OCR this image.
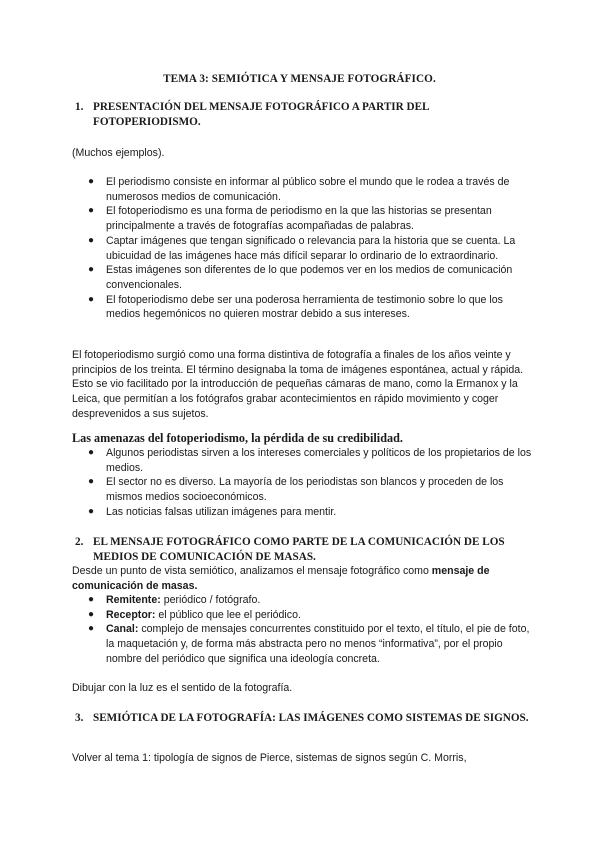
TEMA 3: SEMIÓTICA Y MENSAJE FOTOGRÁFICO.
1. PRESENTACIÓN DEL MENSAJE FOTOGRÁFICO A PARTIR DEL FOTOPERIODISMO.
(Muchos ejemplos).
● El periodismo consiste en informar al público sobre el mundo que le rodea a través de numerosos medios de comunicación.
● El fotoperiodismo es una forma de periodismo en la que las historias se presentan principalmente a través de fotografías acompañadas de palabras.
● Captar imágenes que tengan significado o relevancia para la historia que se cuenta. La ubicuidad de las imágenes hace más difícil separar lo ordinario de lo extraordinario.
● Estas imágenes son diferentes de lo que podemos ver en los medios de comunicación convencionales.
● El fotoperiodismo debe ser una poderosa herramienta de testimonio sobre lo que los medios hegemónicos no quieren mostrar debido a sus intereses.
El fotoperiodismo surgió como una forma distintiva de fotografía a finales de los años veinte y principios de los treinta. El término designaba la toma de imágenes espontánea, actual y rápida. Esto se vio facilitado por la introducción de pequeñas cámaras de mano, como la Ermanox y la Leica, que permitían a los fotógrafos grabar acontecimientos en rápido movimiento y coger desprevenidos a sus sujetos.
Las amenazas del fotoperiodismo, la pérdida de su credibilidad.
● Algunos periodistas sirven a los intereses comerciales y políticos de los propietarios de los medios.
● El sector no es diverso. La mayoría de los periodistas son blancos y proceden de los mismos medios socioeconómicos.
● Las noticias falsas utilizan imágenes para mentir.
2. EL MENSAJE FOTOGRÁFICO COMO PARTE DE LA COMUNICACIÓN DE LOS MEDIOS DE COMUNICACIÓN DE MASAS.
Desde un punto de vista semiótico, analizamos el mensaje fotográfico como mensaje de comunicación de masas.
● Remitente: periódico / fotógrafo.
● Receptor: el público que lee el periódico.
● Canal: complejo de mensajes concurrentes constituido por el texto, el título, el pie de foto, la maquetación y, de forma más abstracta pero no menos “informativa”, por el propio nombre del periódico que significa una ideología concreta.
Dibujar con la luz es el sentido de la fotografía.
3. SEMIÓTICA DE LA FOTOGRAFÍA: LAS IMÁGENES COMO SISTEMAS DE SIGNOS.
Volver al tema 1: tipología de signos de Pierce, sistemas de signos según C. Morris,
